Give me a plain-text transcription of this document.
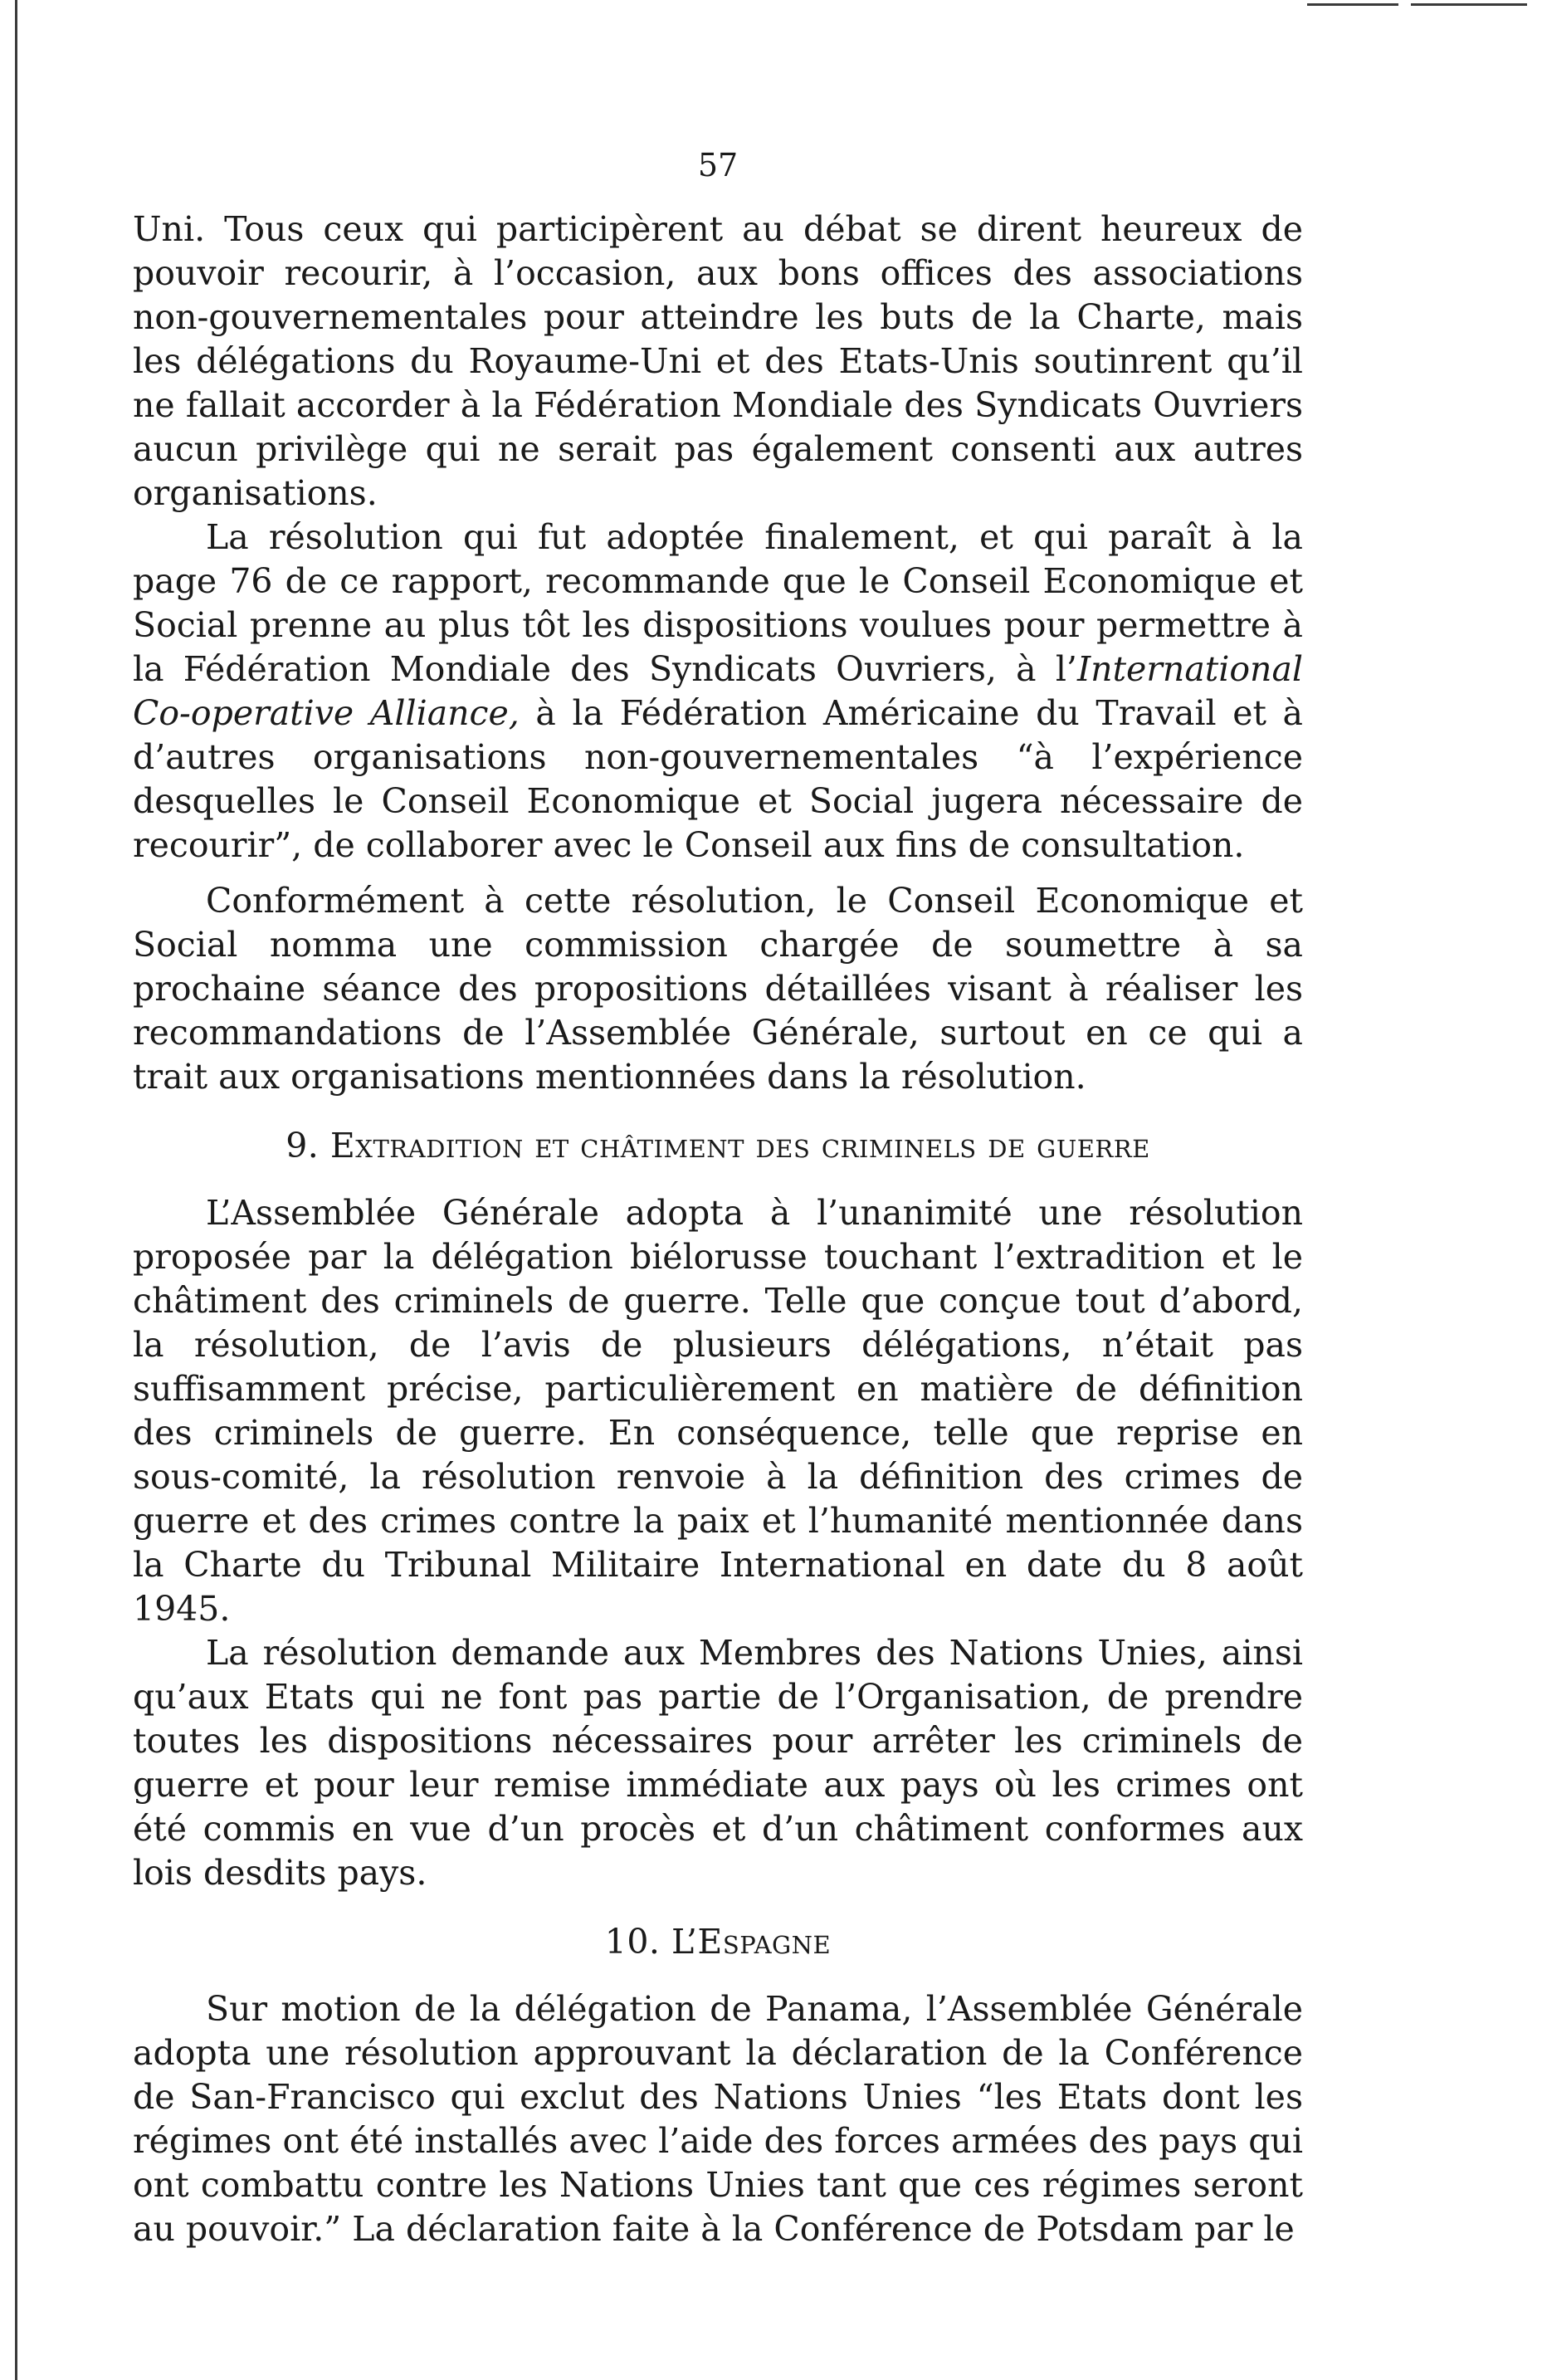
57

Uni. Tous ceux qui participèrent au débat se dirent heureux de pouvoir recourir, à l’occasion, aux bons offices des associations non-gouvernementales pour atteindre les buts de la Charte, mais les délégations du Royaume-Uni et des Etats-Unis soutinrent qu’il ne fallait accorder à la Fédération Mondiale des Syndicats Ouvriers aucun privilège qui ne serait pas également consenti aux autres organisations.

La résolution qui fut adoptée finalement, et qui paraît à la page 76 de ce rapport, recommande que le Conseil Economique et Social prenne au plus tôt les dispositions voulues pour permettre à la Fédération Mondiale des Syndicats Ouvriers, à l’International Co-operative Alliance, à la Fédération Américaine du Travail et à d’autres organisations non-gouvernementales “à l’expérience desquelles le Conseil Economique et Social jugera nécessaire de recourir”, de collaborer avec le Conseil aux fins de consultation.

Conformément à cette résolution, le Conseil Economique et Social nomma une commission chargée de soumettre à sa prochaine séance des propositions détaillées visant à réaliser les recommandations de l’Assemblée Générale, surtout en ce qui a trait aux organisations mentionnées dans la résolution.

9. Extradition et châtiment des criminels de guerre

L’Assemblée Générale adopta à l’unanimité une résolution proposée par la délégation biélorusse touchant l’extradition et le châtiment des criminels de guerre. Telle que conçue tout d’abord, la résolution, de l’avis de plusieurs délégations, n’était pas suffisamment précise, particulièrement en matière de définition des criminels de guerre. En conséquence, telle que reprise en sous-comité, la résolution renvoie à la définition des crimes de guerre et des crimes contre la paix et l’humanité mentionnée dans la Charte du Tribunal Militaire International en date du 8 août 1945.

La résolution demande aux Membres des Nations Unies, ainsi qu’aux Etats qui ne font pas partie de l’Organisation, de prendre toutes les dispositions nécessaires pour arrêter les criminels de guerre et pour leur remise immédiate aux pays où les crimes ont été commis en vue d’un procès et d’un châtiment conformes aux lois desdits pays.

10. L’Espagne

Sur motion de la délégation de Panama, l’Assemblée Générale adopta une résolution approuvant la déclaration de la Conférence de San-Francisco qui exclut des Nations Unies “les Etats dont les régimes ont été installés avec l’aide des forces armées des pays qui ont combattu contre les Nations Unies tant que ces régimes seront au pouvoir.” La déclaration faite à la Conférence de Potsdam par le
